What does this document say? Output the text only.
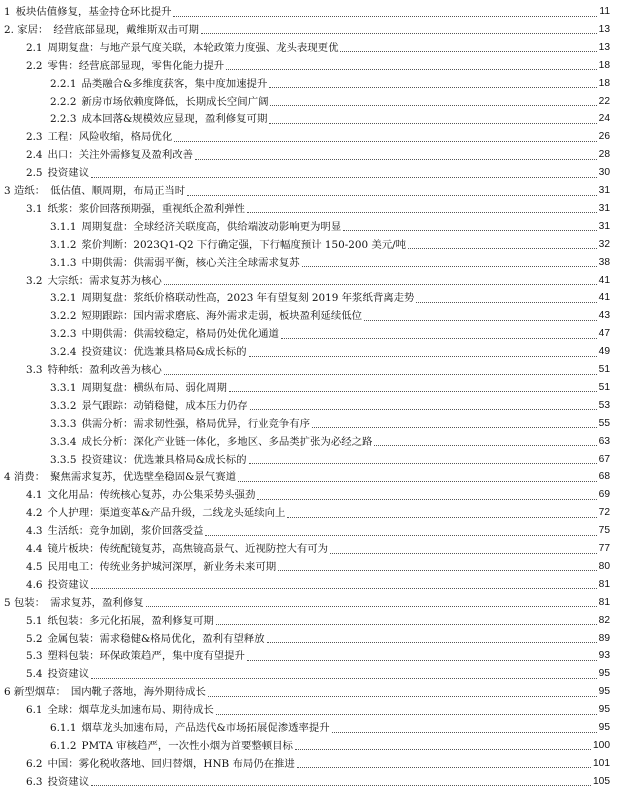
1 板块估值修复，基金持仓环比提升	11
2. 家居： 经营底部显现，戴维斯双击可期	13
2.1 周期复盘：与地产景气度关联，本轮政策力度强、龙头表现更优	13
2.2 零售：经营底部显现，零售化能力提升	18
2.2.1 品类融合&多维度获客，集中度加速提升	18
2.2.2 新房市场依赖度降低，长期成长空间广阔	22
2.2.3 成本回落&规模效应显现，盈利修复可期	24
2.3 工程：风险收缩，格局优化	26
2.4 出口：关注外需修复及盈利改善	28
2.5 投资建议	30
3 造纸： 低估值、顺周期，布局正当时	31
3.1 纸浆：浆价回落预期强，重视纸企盈利弹性	31
3.1.1 周期复盘：全球经济关联度高，供给端波动影响更为明显	31
3.1.2 浆价判断：2023Q1-Q2 下行确定强，下行幅度预计 150-200 美元/吨	32
3.1.3 中期供需：供需弱平衡，核心关注全球需求复苏	38
3.2 大宗纸：需求复苏为核心	41
3.2.1 周期复盘：浆纸价格联动性高，2023 年有望复刻 2019 年浆纸背离走势	41
3.2.2 短期跟踪：国内需求磨底、海外需求走弱，板块盈利延续低位	43
3.2.3 中期供需：供需较稳定，格局仍处优化通道	47
3.2.4 投资建议：优选兼具格局&成长标的	49
3.3 特种纸：盈利改善为核心	51
3.3.1 周期复盘：横纵布局、弱化周期	51
3.3.2 景气跟踪：动销稳健，成本压力仍存	53
3.3.3 供需分析：需求韧性强，格局优异，行业竞争有序	55
3.3.4 成长分析：深化产业链一体化，多地区、多品类扩张为必经之路	63
3.3.5 投资建议：优选兼具格局&成长标的	67
4 消费： 聚焦需求复苏，优选壁垒稳固&景气赛道	68
4.1 文化用品：传统核心复苏，办公集采势头强劲	69
4.2 个人护理：渠道变革&产品升级，二线龙头延续向上	72
4.3 生活纸：竞争加剧，浆价回落受益	75
4.4 镜片板块：传统配镜复苏，高焦镜高景气、近视防控大有可为	77
4.5 民用电工：传统业务护城河深厚，新业务未来可期	80
4.6 投资建议	81
5 包装： 需求复苏，盈利修复	81
5.1 纸包装：多元化拓展，盈利修复可期	82
5.2 金属包装：需求稳健&格局优化，盈利有望释放	89
5.3 塑料包装：环保政策趋严，集中度有望提升	93
5.4 投资建议	95
6 新型烟草： 国内靴子落地，海外期待成长	95
6.1 全球：烟草龙头加速布局、期待成长	95
6.1.1 烟草龙头加速布局，产品迭代&市场拓展促渗透率提升	95
6.1.2 PMTA 审核趋严，一次性小烟为首要整顿目标	100
6.2 中国：雾化税收落地、回归替烟，HNB 布局仍在推进	101
6.3 投资建议	105
